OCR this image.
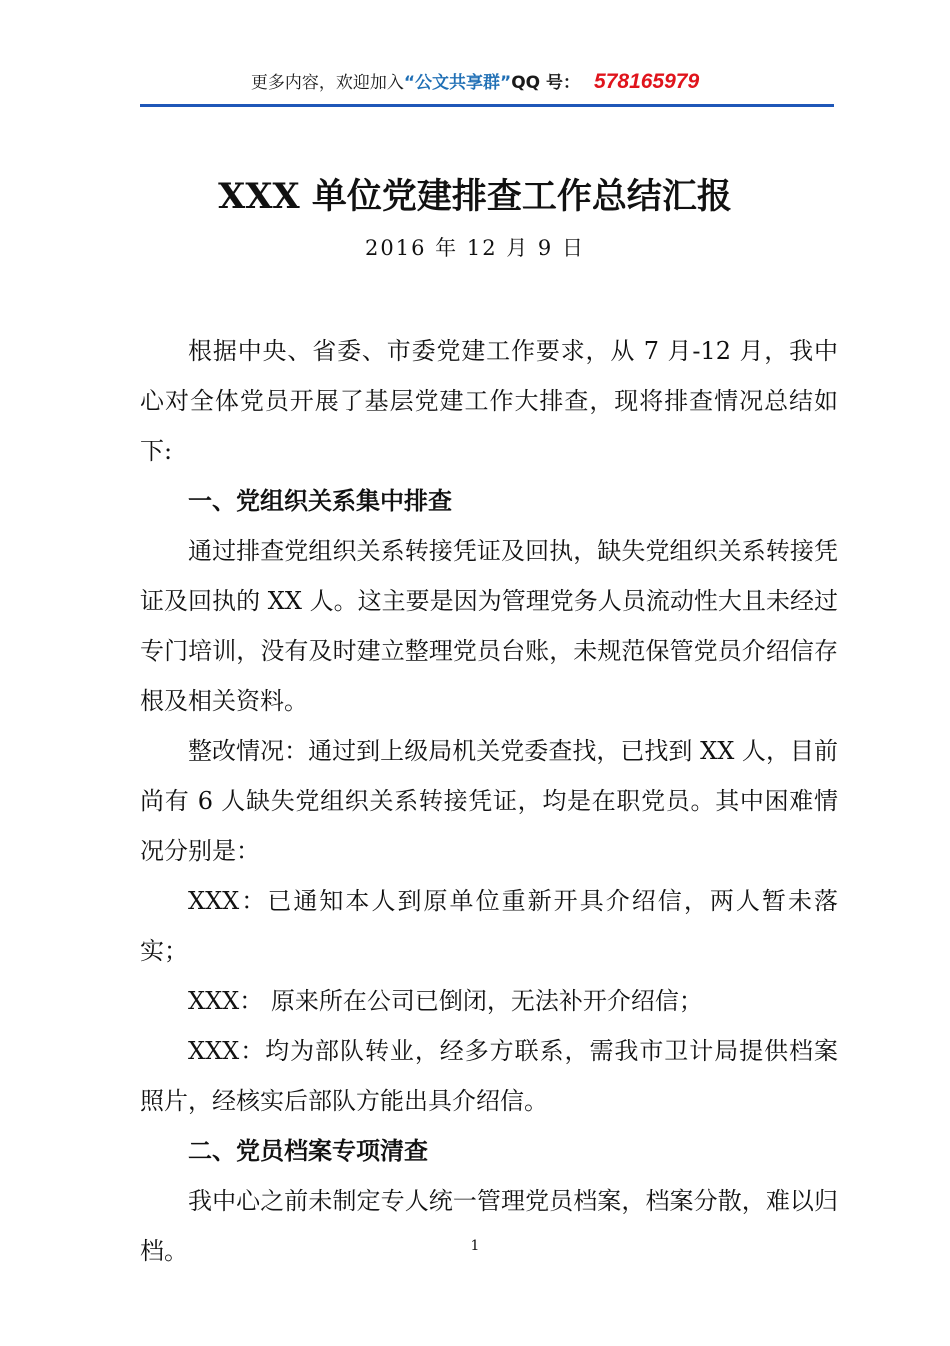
更多内容，欢迎加入“公文共享群”QQ 号： 578165979
XXX 单位党建排查工作总结汇报
2016 年 12 月 9 日

根据中央、省委、市委党建工作要求，从 7 月-12 月，我中心对全体党员开展了基层党建工作大排查，现将排查情况总结如下:

一、党组织关系集中排查

通过排查党组织关系转接凭证及回执，缺失党组织关系转接凭证及回执的 XX 人。这主要是因为管理党务人员流动性大且未经过专门培训，没有及时建立整理党员台账，未规范保管党员介绍信存根及相关资料。

整改情况：通过到上级局机关党委查找，已找到 XX 人，目前尚有 6 人缺失党组织关系转接凭证，均是在职党员。其中困难情况分别是：

XXX：已通知本人到原单位重新开具介绍信，两人暂未落实；

XXX： 原来所在公司已倒闭，无法补开介绍信；

XXX：均为部队转业，经多方联系，需我市卫计局提供档案照片，经核实后部队方能出具介绍信。

二、党员档案专项清查

我中心之前未制定专人统一管理党员档案，档案分散，难以归档。	1
